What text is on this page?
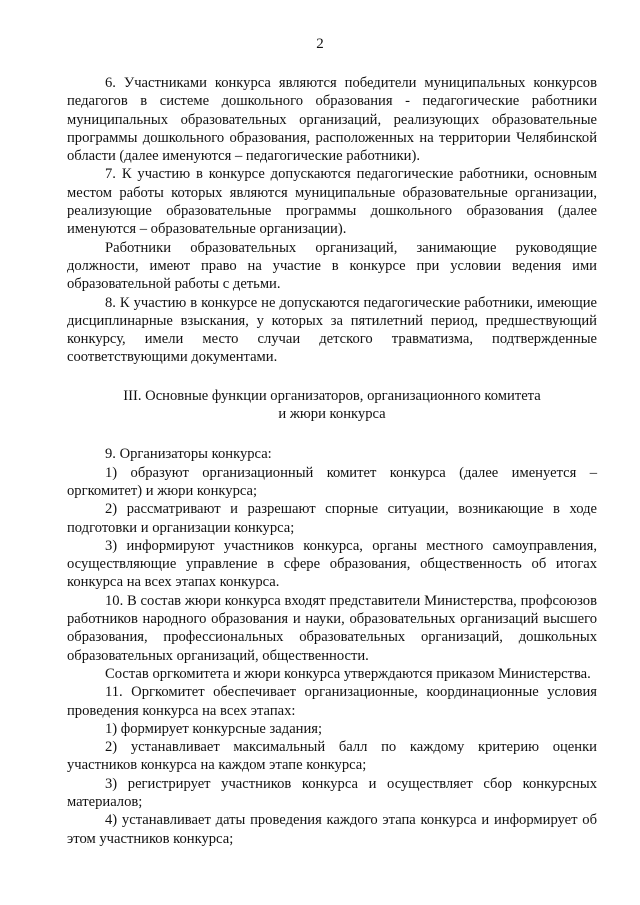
2

6. Участниками конкурса являются победители муниципальных конкурсов педагогов в системе дошкольного образования - педагогические работники муниципальных образовательных организаций, реализующих образовательные программы дошкольного образования, расположенных на территории Челябинской области (далее именуются – педагогические работники).

7. К участию в конкурсе допускаются педагогические работники, основным местом работы которых являются муниципальные образовательные организации, реализующие образовательные программы дошкольного образования (далее именуются – образовательные организации).

Работники образовательных организаций, занимающие руководящие должности, имеют право на участие в конкурсе при условии ведения ими образовательной работы с детьми.

8. К участию в конкурсе не допускаются педагогические работники, имеющие дисциплинарные взыскания, у которых за пятилетний период, предшествующий конкурсу, имели место случаи детского травматизма, подтвержденные соответствующими документами.

III. Основные функции организаторов, организационного комитета
и жюри конкурса

9. Организаторы конкурса:

1) образуют организационный комитет конкурса (далее именуется – оргкомитет) и жюри конкурса;

2) рассматривают и разрешают спорные ситуации, возникающие в ходе подготовки и организации конкурса;

3) информируют участников конкурса, органы местного самоуправления, осуществляющие управление в сфере образования, общественность об итогах конкурса на всех этапах конкурса.

10. В состав жюри конкурса входят представители Министерства, профсоюзов работников народного образования и науки, образовательных организаций высшего образования, профессиональных образовательных организаций, дошкольных образовательных организаций, общественности.

Состав оргкомитета и жюри конкурса утверждаются приказом Министерства.

11. Оргкомитет обеспечивает организационные, координационные условия проведения конкурса на всех этапах:

1) формирует конкурсные задания;

2) устанавливает максимальный балл по каждому критерию оценки участников конкурса на каждом этапе конкурса;

3) регистрирует участников конкурса и осуществляет сбор конкурсных материалов;

4) устанавливает даты проведения каждого этапа конкурса и информирует об этом участников конкурса;
